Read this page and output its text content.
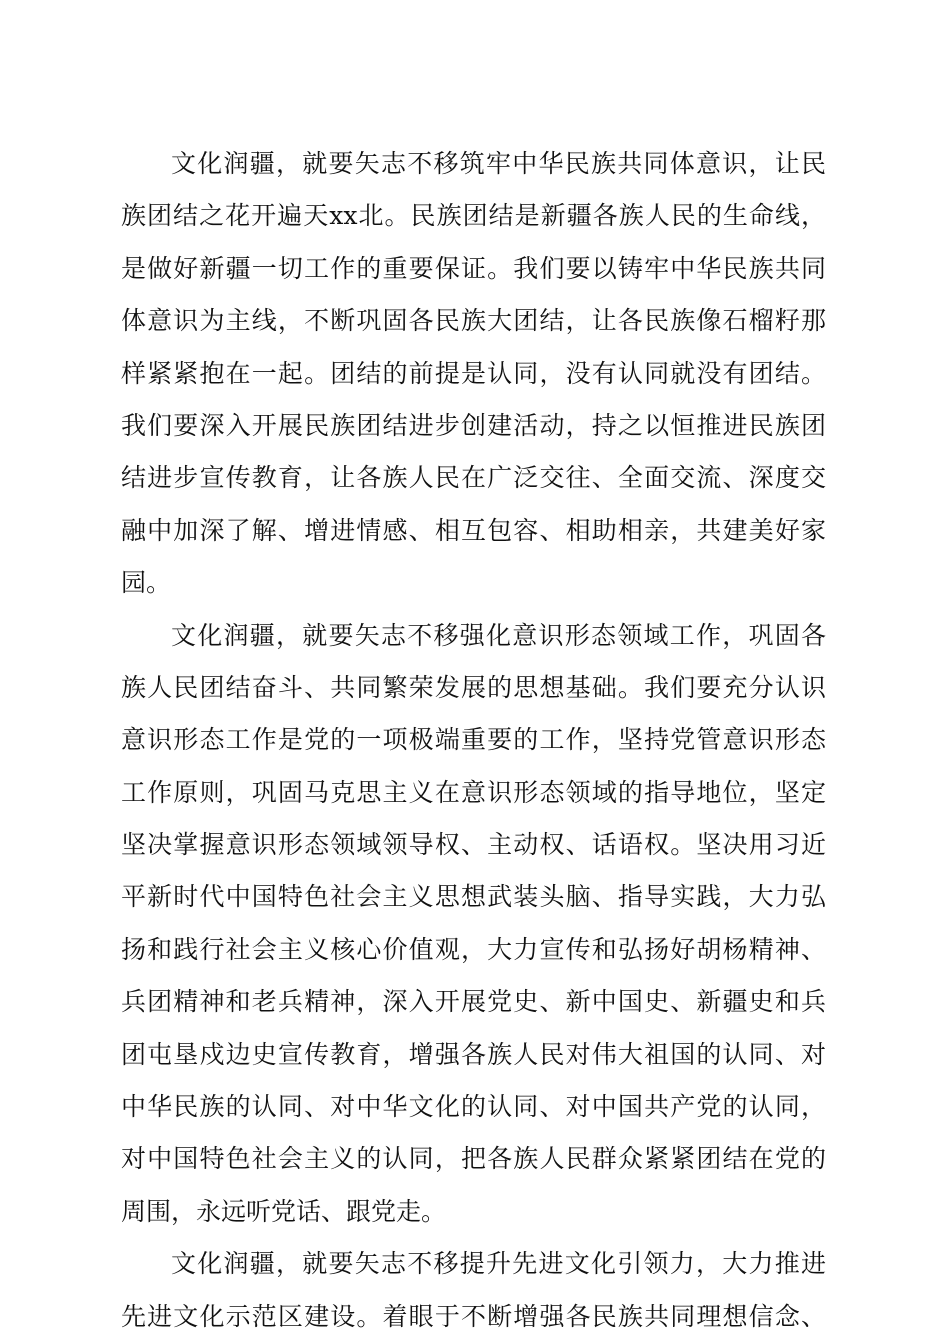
文化润疆，就要矢志不移筑牢中华民族共同体意识，让民
族团结之花开遍天xx北。民族团结是新疆各族人民的生命线，
是做好新疆一切工作的重要保证。我们要以铸牢中华民族共同
体意识为主线，不断巩固各民族大团结，让各民族像石榴籽那
样紧紧抱在一起。团结的前提是认同，没有认同就没有团结。
我们要深入开展民族团结进步创建活动，持之以恒推进民族团
结进步宣传教育，让各族人民在广泛交往、全面交流、深度交
融中加深了解、增进情感、相互包容、相助相亲，共建美好家
园。
文化润疆，就要矢志不移强化意识形态领域工作，巩固各
族人民团结奋斗、共同繁荣发展的思想基础。我们要充分认识
意识形态工作是党的一项极端重要的工作，坚持党管意识形态
工作原则，巩固马克思主义在意识形态领域的指导地位，坚定
坚决掌握意识形态领域领导权、主动权、话语权。坚决用习近
平新时代中国特色社会主义思想武装头脑、指导实践，大力弘
扬和践行社会主义核心价值观，大力宣传和弘扬好胡杨精神、
兵团精神和老兵精神，深入开展党史、新中国史、新疆史和兵
团屯垦戍边史宣传教育，增强各族人民对伟大祖国的认同、对
中华民族的认同、对中华文化的认同、对中国共产党的认同，
对中国特色社会主义的认同，把各族人民群众紧紧团结在党的
周围，永远听党话、跟党走。
文化润疆，就要矢志不移提升先进文化引领力，大力推进
先进文化示范区建设。着眼于不断增强各民族共同理想信念、
